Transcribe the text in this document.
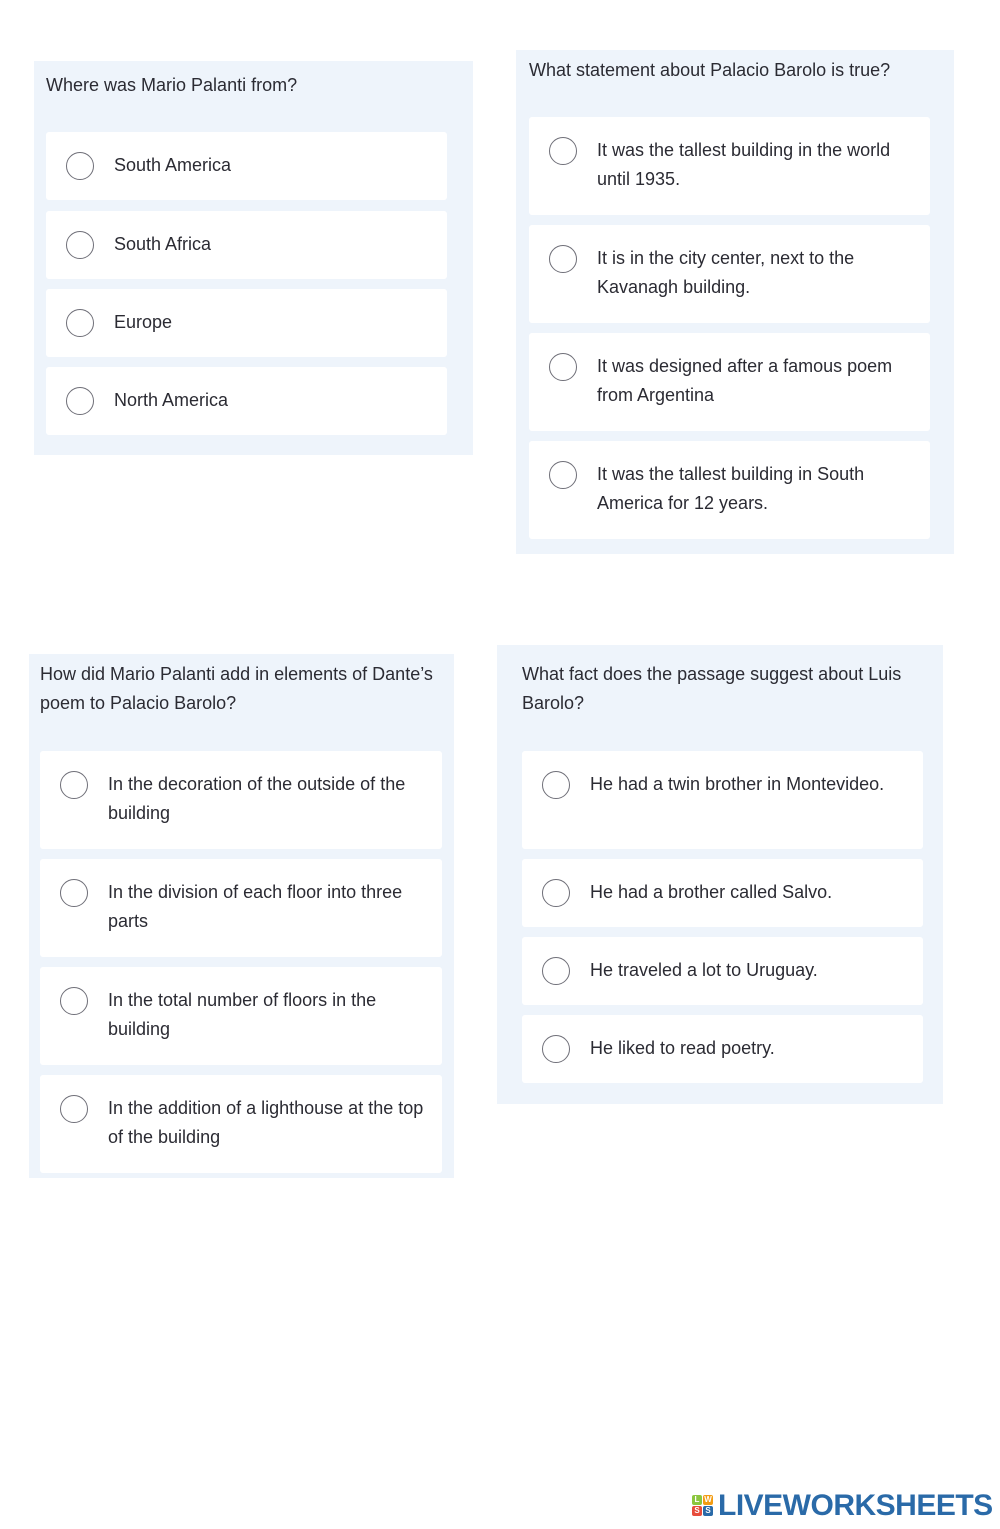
Where was Mario Palanti from?
South America
South Africa
Europe
North America
What statement about Palacio Barolo is true?
It was the tallest building in the world until 1935.
It is in the city center, next to the Kavanagh building.
It was designed after a famous poem from Argentina
It was the tallest building in South America for 12 years.
How did Mario Palanti add in elements of Dante’s poem to Palacio Barolo?
In the decoration of the outside of the building
In the division of each floor into three parts
In the total number of floors in the building
In the addition of a lighthouse at the top of the building
What fact does the passage suggest about Luis Barolo?
He had a twin brother in Montevideo.
He had a brother called Salvo.
He traveled a lot to Uruguay.
He liked to read poetry.
L W
S S LIVEWORKSHEETS
